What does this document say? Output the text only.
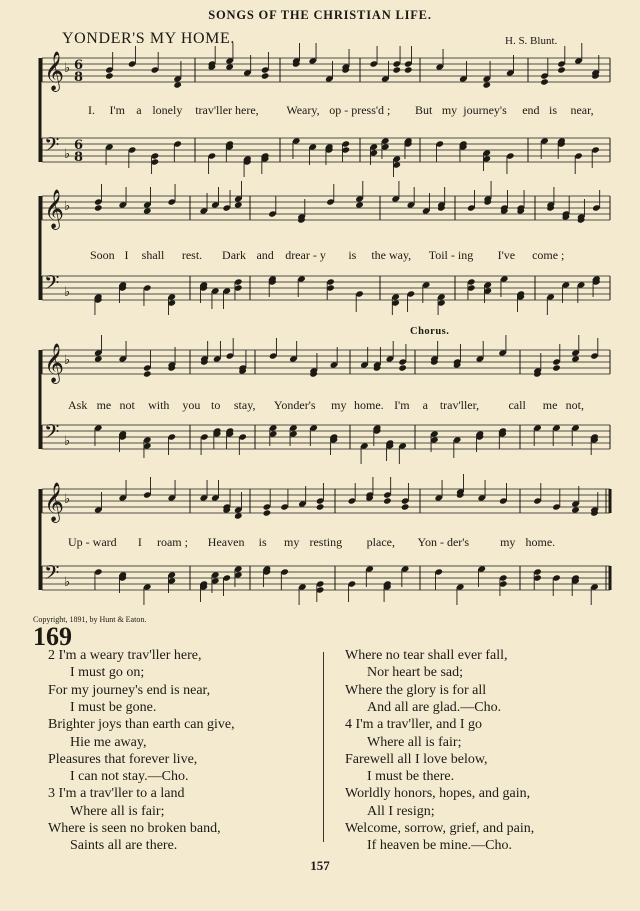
SONGS OF THE CHRISTIAN LIFE.
YONDER'S MY HOME.	H. S. Blunt.
𝄞 ♭ 6
8
𝄢 ♭
6
8
𝄞 ♭
𝄢 ♭
𝄞 ♭
𝄢 ♭
𝄞 ♭
𝄢 ♭
I. I'm a lonely trav'ller here, Weary, op - press'd ; But my journey's end is near,
Soon I shall rest. Dark and drear - y is the way, Toil - ing I've come ;
Ask me not with you to stay, Yonder's my home. I'm a trav'ller, call me not,
Up - ward I roam ; Heaven is my resting place, Yon - der's	my home.
Chorus.
Copyright, 1891, by Hunt & Eaton.
169
2 I'm a weary trav'ller here,
I must go on;
For my journey's end is near,
I must be gone.
Brighter joys than earth can give,
Hie me away,
Pleasures that forever live,
I can not stay.—Cho.
3 I'm a trav'ller to a land
Where all is fair;
Where is seen no broken band,
Saints all are there.
Where no tear shall ever fall,
Nor heart be sad;
Where the glory is for all
And all are glad.—Cho.
4 I'm a trav'ller, and I go
Where all is fair;
Farewell all I love below,
I must be there.
Worldly honors, hopes, and gain,
All I resign;
Welcome, sorrow, grief, and pain,
If heaven be mine.—Cho.
157
